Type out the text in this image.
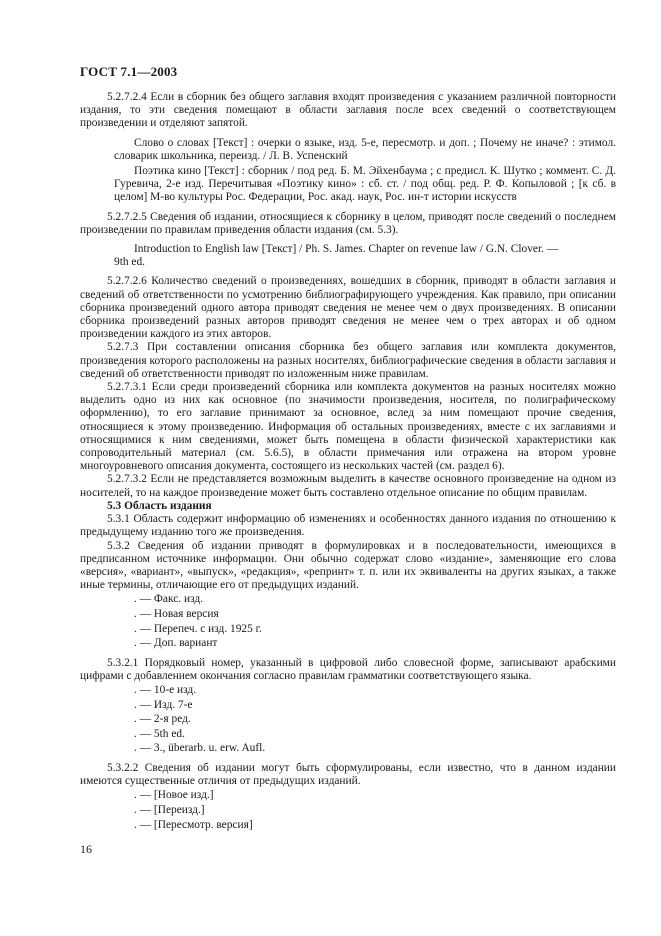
ГОСТ 7.1—2003

5.2.7.2.4 Если в сборник без общего заглавия входят произведения с указанием различной повторности издания, то эти сведения помещают в области заглавия после всех сведений о соответствующем произведении и отделяют запятой.

Слово о словах [Текст] : очерки о языке, изд. 5-е, пересмотр. и доп. ; Почему не иначе? : этимол. словарик школьника, переизд. / Л. В. Успенский

Поэтика кино [Текст] : сборник / под ред. Б. М. Эйхенбаума ; с предисл. К. Шутко ; коммент. С. Д. Гуревича, 2-е изд. Перечитывая «Поэтику кино» : сб. ст. / под общ. ред. Р. Ф. Копыловой ; [к сб. в целом] М-во культуры Рос. Федерации, Рос. акад. наук, Рос. ин-т истории искусств

5.2.7.2.5 Сведения об издании, относящиеся к сборнику в целом, приводят после сведений о последнем произведении по правилам приведения области издания (см. 5.3).

Introduction to English law [Текст] / Ph. S. James. Chapter on revenue law / G.N. Clover. —

9th ed.

5.2.7.2.6 Количество сведений о произведениях, вошедших в сборник, приводят в области заглавия и сведений об ответственности по усмотрению библиографирующего учреждения. Как правило, при описании сборника произведений одного автора приводят сведения не менее чем о двух произведениях. В описании сборника произведений разных авторов приводят сведения не менее чем о трех авторах и об одном произведении каждого из этих авторов.

5.2.7.3 При составлении описания сборника без общего заглавия или комплекта документов, произведения которого расположены на разных носителях, библиографические сведения в области заглавия и сведений об ответственности приводят по изложенным ниже правилам.

5.2.7.3.1 Если среди произведений сборника или комплекта документов на разных носителях можно выделить одно из них как основное (по значимости произведения, носителя, по полиграфическому оформлению), то его заглавие принимают за основное, вслед за ним помещают прочие сведения, относящиеся к этому произведению. Информация об остальных произведениях, вместе с их заглавиями и относящимися к ним сведениями, может быть помещена в области физической характеристики как сопроводительный материал (см. 5.6.5), в области примечания или отражена на втором уровне многоуровневого описания документа, состоящего из нескольких частей (см. раздел 6).

5.2.7.3.2 Если не представляется возможным выделить в качестве основного произведение на одном из носителей, то на каждое произведение может быть составлено отдельное описание по общим правилам.

5.3 Область издания

5.3.1 Область содержит информацию об изменениях и особенностях данного издания по отношению к предыдущему изданию того же произведения.

5.3.2 Сведения об издании приводят в формулировках и в последовательности, имеющихся в предписанном источнике информации. Они обычно содержат слово «издание», заменяющие его слова «версия», «вариант», «выпуск», «редакция», «репринт» т. п. или их эквиваленты на других языках, а также иные термины, отличающие его от предыдущих изданий.

. — Факс. изд.
. — Новая версия
. — Перепеч. с изд. 1925 г.
. — Доп. вариант

5.3.2.1 Порядковый номер, указанный в цифровой либо словесной форме, записывают арабскими цифрами с добавлением окончания согласно правилам грамматики соответствующего языка.

. — 10-е изд.
. — Изд. 7-е
. — 2-я ред.
. — 5th ed.
. — 3., überarb. u. erw. Aufl.

5.3.2.2 Сведения об издании могут быть сформулированы, если известно, что в данном издании имеются существенные отличия от предыдущих изданий.

. — [Новое изд.]
. — [Переизд.]
. — [Пересмотр. версия]
16
